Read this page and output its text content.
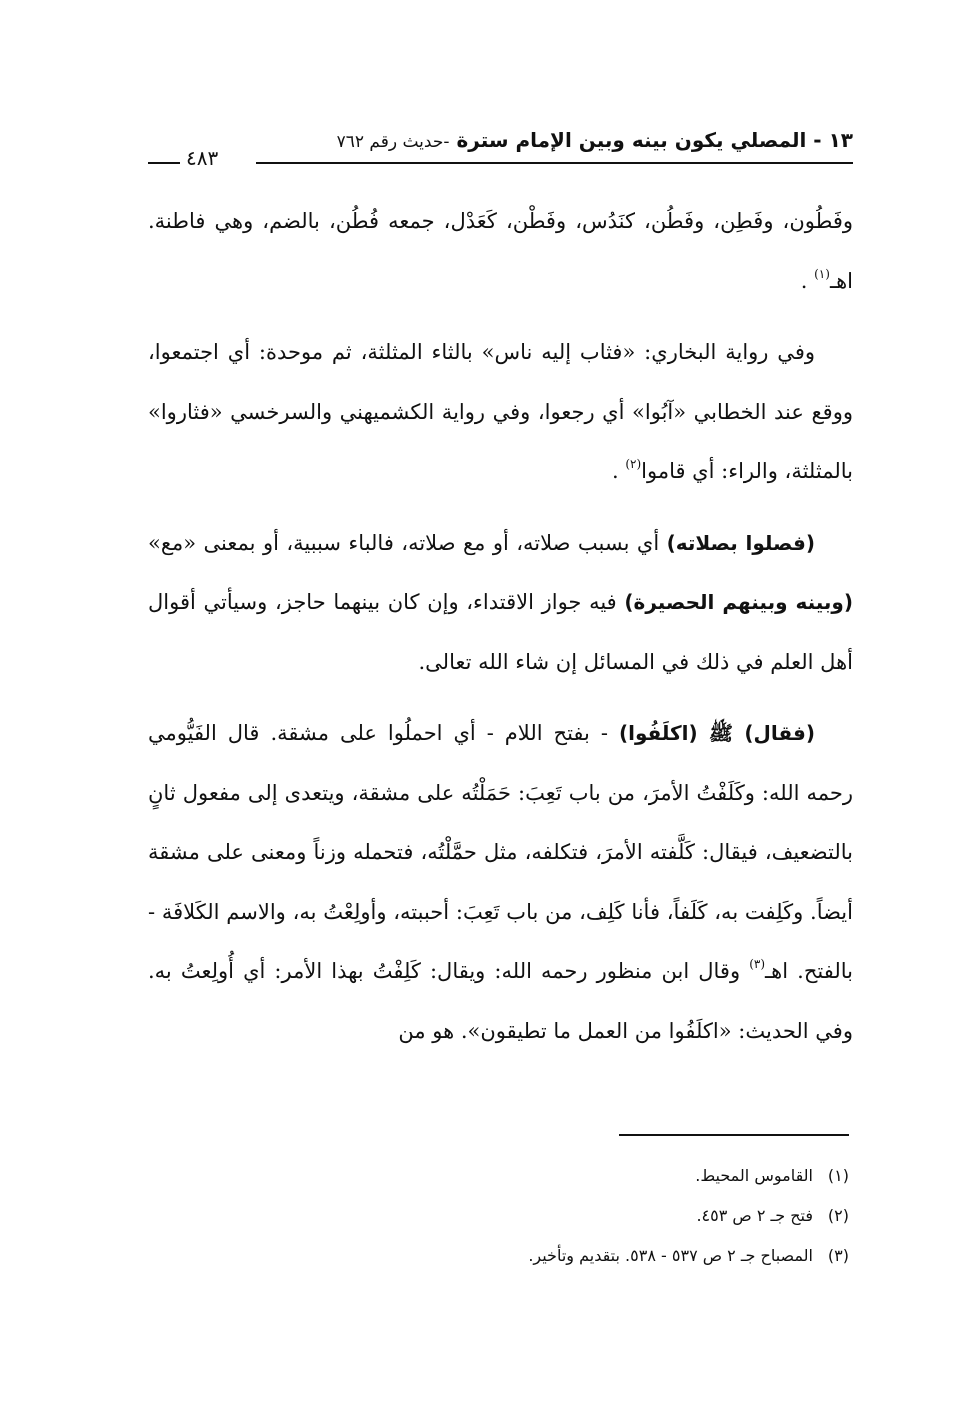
١٣ - المصلي يكون بينه وبين الإمام سترة -حديث رقم ٧٦٢
٤٨٣

وفَطُون، وفَطِن، وفَطُن، كنَدُس، وفَطْن، كَعَدْل، جمعه فُطُن، بالضم، وهي فاطنة. اهـ$^{(١)}$ .

وفي رواية البخاري: «فثاب إليه ناس» بالثاء المثلثة، ثم موحدة: أي اجتمعوا، ووقع عند الخطابي «آبُوا» أي رجعوا، وفي رواية الكشميهني والسرخسي «فثاروا» بالمثلثة، والراء: أي قاموا$^{(٢)}$ .

(فصلوا بصلاته) أي بسبب صلاته، أو مع صلاته، فالباء سببية، أو بمعنى «مع» (وبينه وبينهم الحصيرة) فيه جواز الاقتداء، وإن كان بينهما حاجز، وسيأتي أقوال أهل العلم في ذلك في المسائل إن شاء الله تعالى.

(فقال) ﷺ (اكلَفُوا) - بفتح اللام - أي احملُوا على مشقة. قال الفَيُّومي رحمه الله: وكَلَفْتُ الأمرَ، من باب تَعِبَ: حَمَلْتُه على مشقة، ويتعدى إلى مفعول ثانٍ بالتضعيف، فيقال: كَلَّفته الأمرَ، فتكلفه، مثل حمَّلْتُه، فتحمله وزناً ومعنى على مشقة أيضاً. وكَلِفت به، كَلَفاً، فأنا كَلِف، من باب تَعِبَ: أحببته، وأولِعْتُ به، والاسم الكَلافَة - بالفتح. اهـ$^{(٣)}$ وقال ابن منظور رحمه الله: ويقال: كَلِفْتُ بهذا الأمر: أي أُولِعتُ به. وفي الحديث: «اكلَفُوا من العمل ما تطيقون». هو من

(١)القاموس المحيط.
(٢)فتح جـ ٢ ص ٤٥٣.
(٣)المصباح جـ ٢ ص ٥٣٧ - ٥٣٨. بتقديم وتأخير.
